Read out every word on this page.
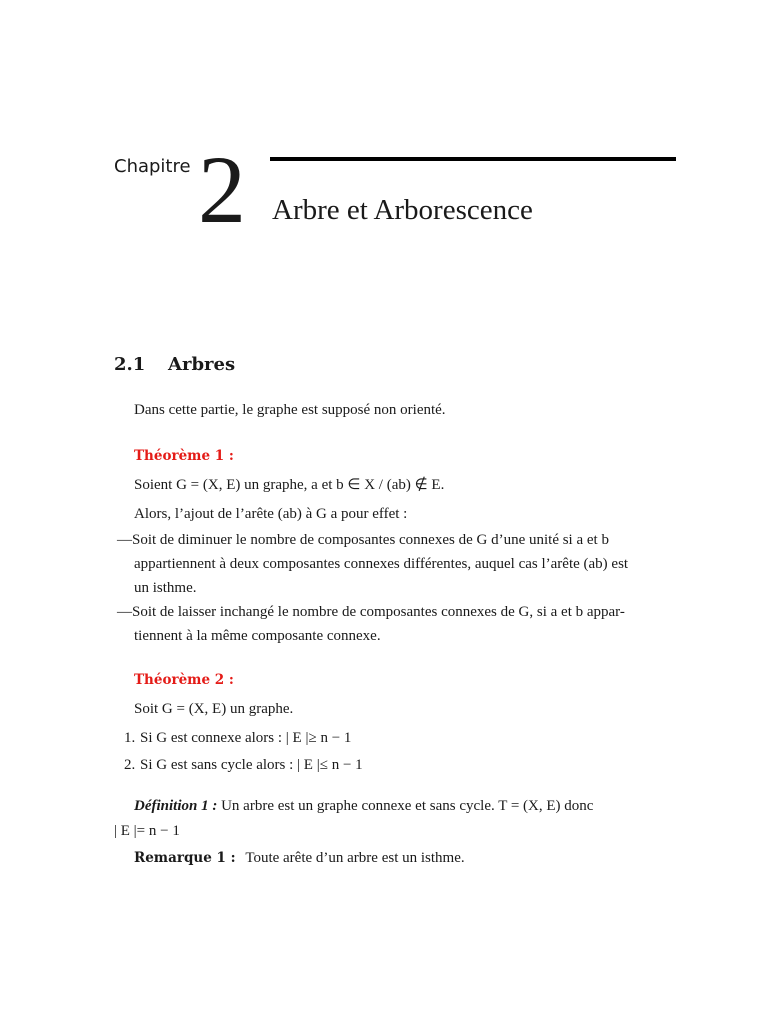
Chapitre 2 Arbre et Arborescence
2.1 Arbres
Dans cette partie, le graphe est supposé non orienté.
Théorème 1 :
Soient G = (X, E) un graphe, a et b ∈ X / (ab) ∉ E.
Alors, l’ajout de l’arête (ab) à G a pour effet :
— Soit de diminuer le nombre de composantes connexes de G d’une unité si a et b
appartiennent à deux composantes connexes différentes, auquel cas l’arête (ab) est
un isthme.
— Soit de laisser inchangé le nombre de composantes connexes de G, si a et b appar-
tiennent à la même composante connexe.
Théorème 2 :
Soit G = (X, E) un graphe.
1. Si G est connexe alors : | E |≥ n − 1
2. Si G est sans cycle alors : | E |≤ n − 1
Définition 1 : Un arbre est un graphe connexe et sans cycle. T = (X, E) donc
| E |= n − 1
Remarque 1 : Toute arête d’un arbre est un isthme.
